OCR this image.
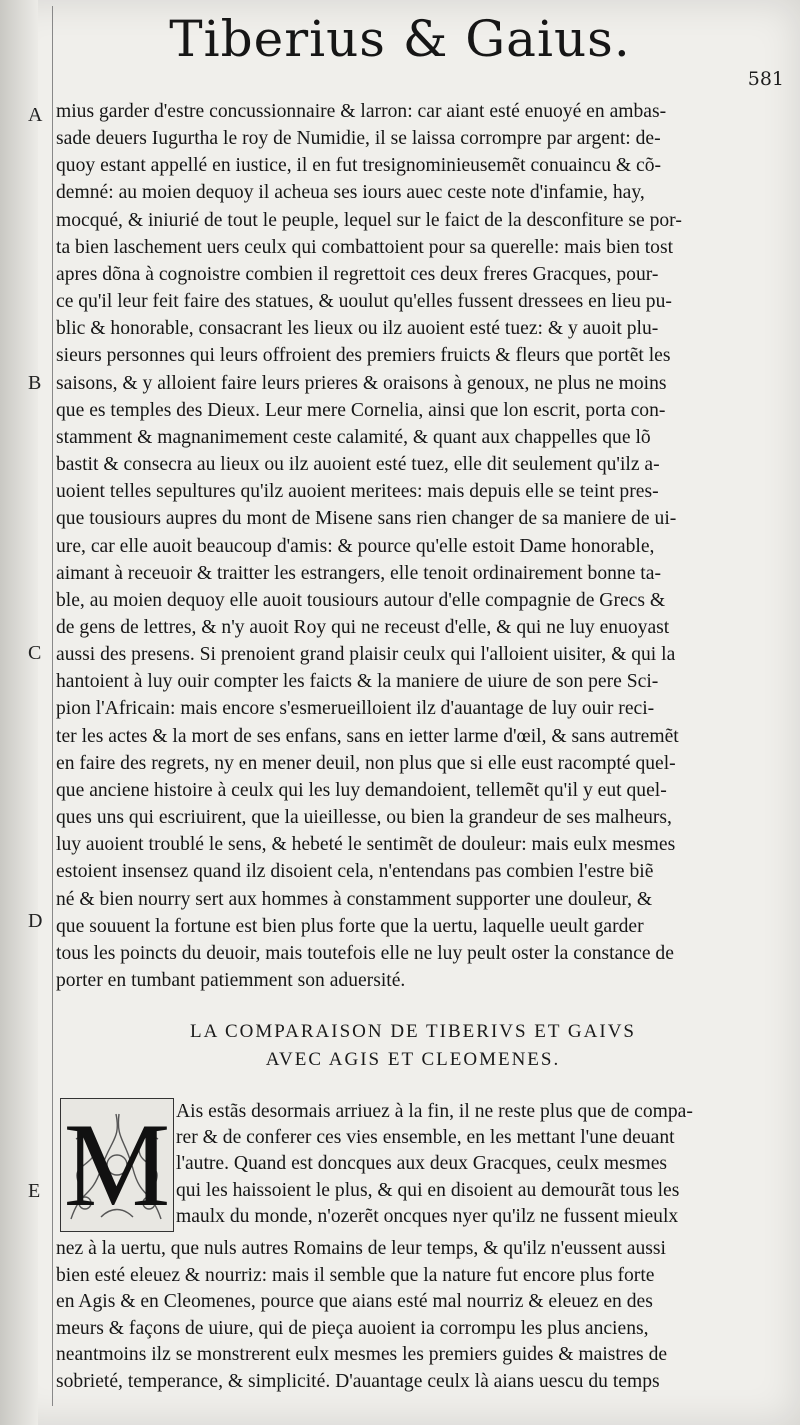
Tiberius & Gaius.
581
A
B
C
D
E
mius garder d'estre concussionnaire & larron: car aiant esté enuoyé en ambas-
sade deuers Iugurtha le roy de Numidie, il se laissa corrompre par argent: de-
quoy estant appellé en iustice, il en fut tresignominieusemẽt conuaincu & cõ-
demné: au moien dequoy il acheua ses iours auec ceste note d'infamie, hay,
mocqué, & iniurié de tout le peuple, lequel sur le faict de la desconfiture se por-
ta bien laschement uers ceulx qui combattoient pour sa querelle: mais bien tost
apres dõna à cognoistre combien il regrettoit ces deux freres Gracques, pour-
ce qu'il leur feit faire des statues, & uoulut qu'elles fussent dressees en lieu pu-
blic & honorable, consacrant les lieux ou ilz auoient esté tuez: & y auoit plu-
sieurs personnes qui leurs offroient des premiers fruicts & fleurs que portẽt les
saisons, & y alloient faire leurs prieres & oraisons à genoux, ne plus ne moins
que es temples des Dieux. Leur mere Cornelia, ainsi que lon escrit, porta con-
stamment & magnanimement ceste calamité, & quant aux chappelles que lõ
bastit & consecra au lieux ou ilz auoient esté tuez, elle dit seulement qu'ilz a-
uoient telles sepultures qu'ilz auoient meritees: mais depuis elle se teint pres-
que tousiours aupres du mont de Misene sans rien changer de sa maniere de ui-
ure, car elle auoit beaucoup d'amis: & pource qu'elle estoit Dame honorable,
aimant à receuoir & traitter les estrangers, elle tenoit ordinairement bonne ta-
ble, au moien dequoy elle auoit tousiours autour d'elle compagnie de Grecs &
de gens de lettres, & n'y auoit Roy qui ne receust d'elle, & qui ne luy enuoyast
aussi des presens. Si prenoient grand plaisir ceulx qui l'alloient uisiter, & qui la
hantoient à luy ouir compter les faicts & la maniere de uiure de son pere Sci-
pion l'Africain: mais encore s'esmerueilloient ilz d'auantage de luy ouir reci-
ter les actes & la mort de ses enfans, sans en ietter larme d'œil, & sans autremẽt
en faire des regrets, ny en mener deuil, non plus que si elle eust racompté quel-
que anciene histoire à ceulx qui les luy demandoient, tellemẽt qu'il y eut quel-
ques uns qui escriuirent, que la uieillesse, ou bien la grandeur de ses malheurs,
luy auoient troublé le sens, & hebeté le sentimẽt de douleur: mais eulx mesmes
estoient insensez quand ilz disoient cela, n'entendans pas combien l'estre biẽ
né & bien nourry sert aux hommes à constamment supporter une douleur, &
que souuent la fortune est bien plus forte que la uertu, laquelle ueult garder
tous les poincts du deuoir, mais toutefois elle ne luy peult oster la constance de
porter en tumbant patiemment son aduersité.
LA COMPARAISON DE TIBERIVS ET GAIVS
AVEC AGIS ET CLEOMENES.
M Ais estãs desormais arriuez à la fin, il ne reste plus que de compa-
rer & de conferer ces vies ensemble, en les mettant l'une deuant
l'autre. Quand est doncques aux deux Gracques, ceulx mesmes
qui les haissoient le plus, & qui en disoient au demourãt tous les
maulx du monde, n'ozerẽt oncques nyer qu'ilz ne fussent mieulx
nez à la uertu, que nuls autres Romains de leur temps, & qu'ilz n'eussent aussi
bien esté eleuez & nourriz: mais il semble que la nature fut encore plus forte
en Agis & en Cleomenes, pource que aians esté mal nourriz & eleuez en des
meurs & façons de uiure, qui de pieça auoient ia corrompu les plus anciens,
neantmoins ilz se monstrerent eulx mesmes les premiers guides & maistres de
sobrieté, temperance, & simplicité. D'auantage ceulx là aians uescu du temps
